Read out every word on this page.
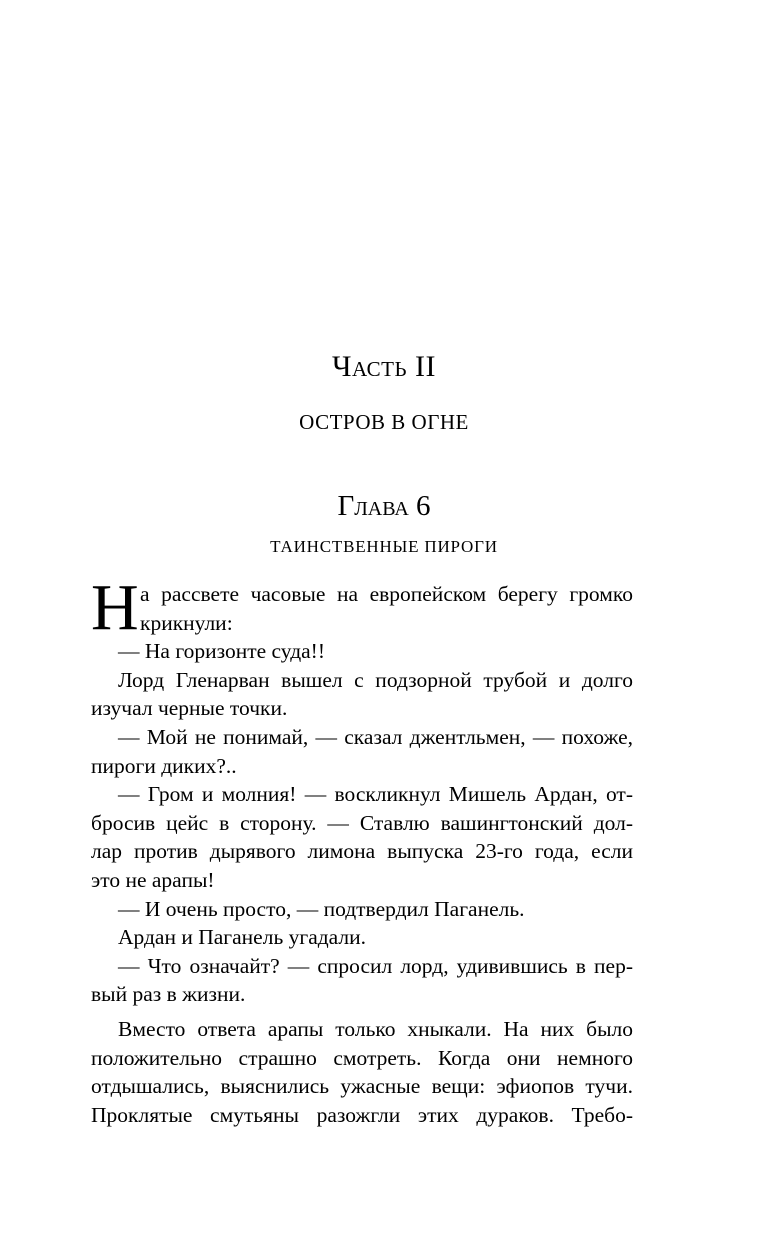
Часть II
ОСТРОВ В ОГНЕ
Глава 6
ТАИНСТВЕННЫЕ ПИРОГИ
Н а рассвете часовые на европейском берегу громко
крикнули:
— На горизонте суда!!
Лорд Гленарван вышел с подзорной трубой и долго
изучал черные точки.
— Мой не понимай, — сказал джентльмен, — похоже,
пироги диких?..
— Гром и молния! — воскликнул Мишель Ардан, от-
бросив цейс в сторону. — Ставлю вашингтонский дол-
лар против дырявого лимона выпуска 23-го года, если
это не арапы!
— И очень просто, — подтвердил Паганель.
Ардан и Паганель угадали.
— Что означайт? — спросил лорд, удивившись в пер-
вый раз в жизни.
Вместо ответа арапы только хныкали. На них было
положительно страшно смотреть. Когда они немного
отдышались, выяснились ужасные вещи: эфиопов тучи.
Проклятые смутьяны разожгли этих дураков. Требо-
